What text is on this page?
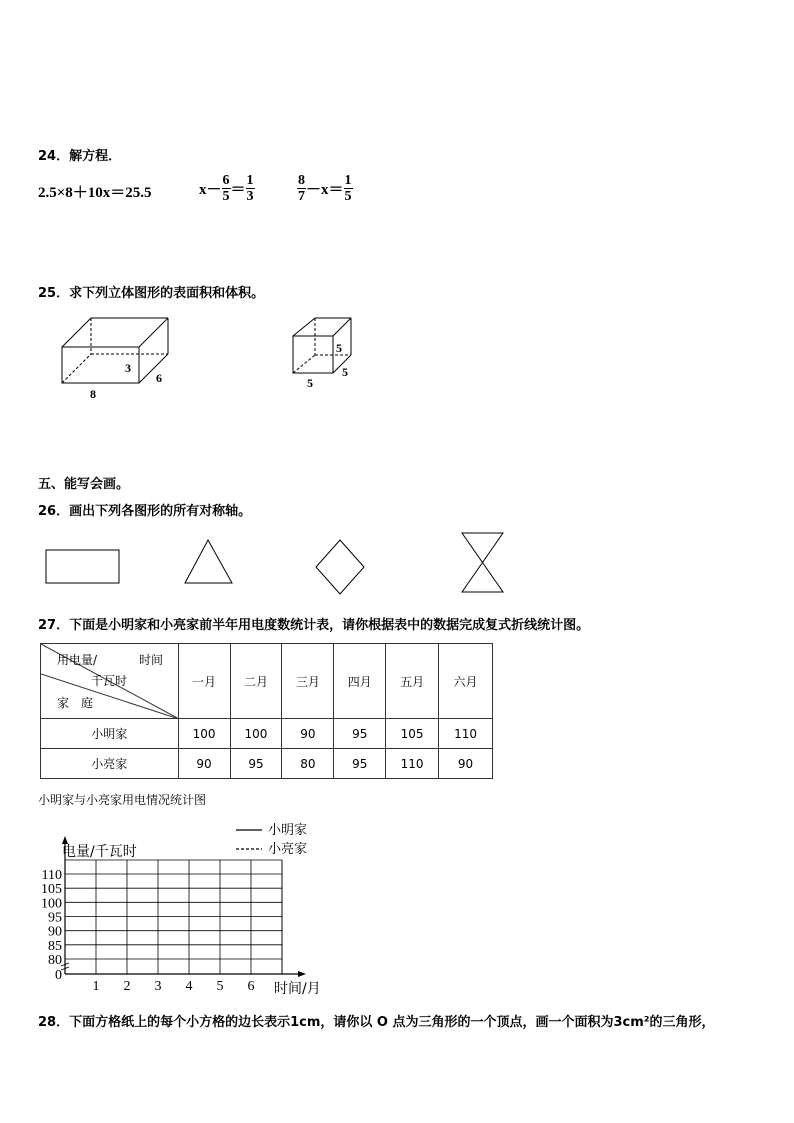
24．解方程．
2.5×8＋10x＝25.5	$x- \frac{6}{5} = \frac{1}{3}$	$\frac{8}{7} -x= \frac{1}{5}$
25．求下列立体图形的表面积和体积。
3
6
8
5
5
5
五、能写会画。
26．画出下列各图形的所有对称轴。
27．下面是小明家和小亮家前半年用电度数统计表，请你根据表中的数据完成复式折线统计图。
用电量/ 时间
千瓦时
家　庭	一月	二月	三月	四月	五月	六月
小明家	100	100	90	95	105	110
小亮家	90	95	80	95	110	90
小明家与小亮家用电情况统计图
小明家
小亮家
电量/千瓦时
时间/月
0
80
85
90
95
100
105
110
1 2 3 4 5 6
28．下面方格纸上的每个小方格的边长表示1cm，请你以 O 点为三角形的一个顶点，画一个面积为3cm²的三角形，
